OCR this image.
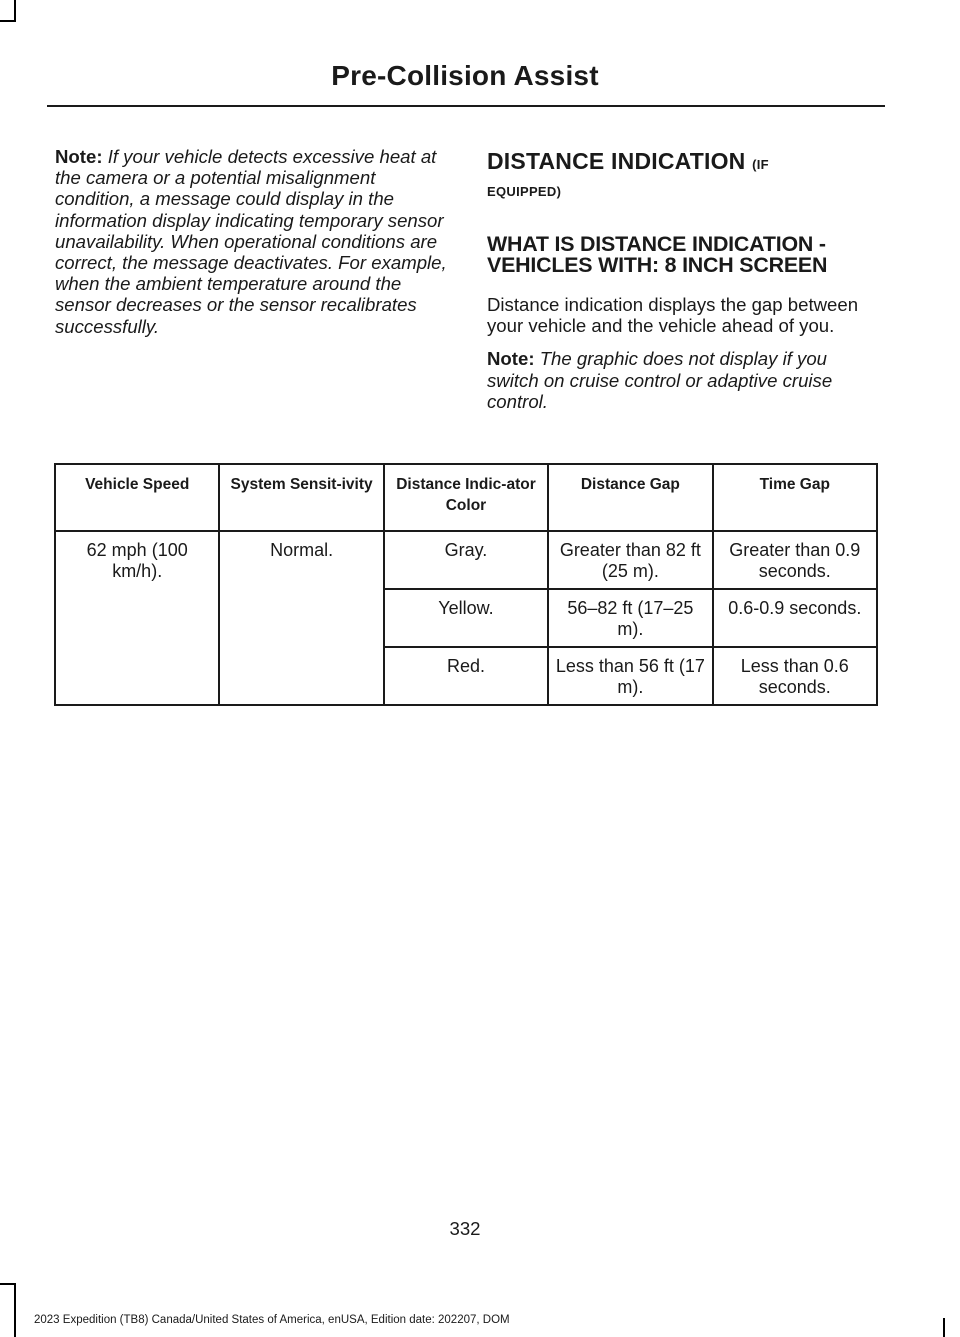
Pre-Collision Assist

Note: If your vehicle detects excessive heat at the camera or a potential misalignment condition, a message could display in the information display indicating temporary sensor unavailability. When operational conditions are correct, the message deactivates. For example, when the ambient temperature around the sensor decreases or the sensor recalibrates successfully.

DISTANCE INDICATION (IF
EQUIPPED)
WHAT IS DISTANCE INDICATION - VEHICLES WITH: 8 INCH SCREEN

Distance indication displays the gap between your vehicle and the vehicle ahead of you.

Note: The graphic does not display if you switch on cruise control or adaptive cruise control.

Vehicle Speed	System Sensit-ivity	Distance Indic-ator Color	Distance Gap	Time Gap
62 mph (100 km/h).	Normal.	Gray.	Greater than 82 ft (25 m).	Greater than 0.9 seconds.
		Yellow.	56–82 ft (17–25 m).	0.6-0.9 seconds.
		Red.	Less than 56 ft (17 m).	Less than 0.6 seconds.
332
2023 Expedition (TB8) Canada/United States of America, enUSA, Edition date: 202207, DOM
